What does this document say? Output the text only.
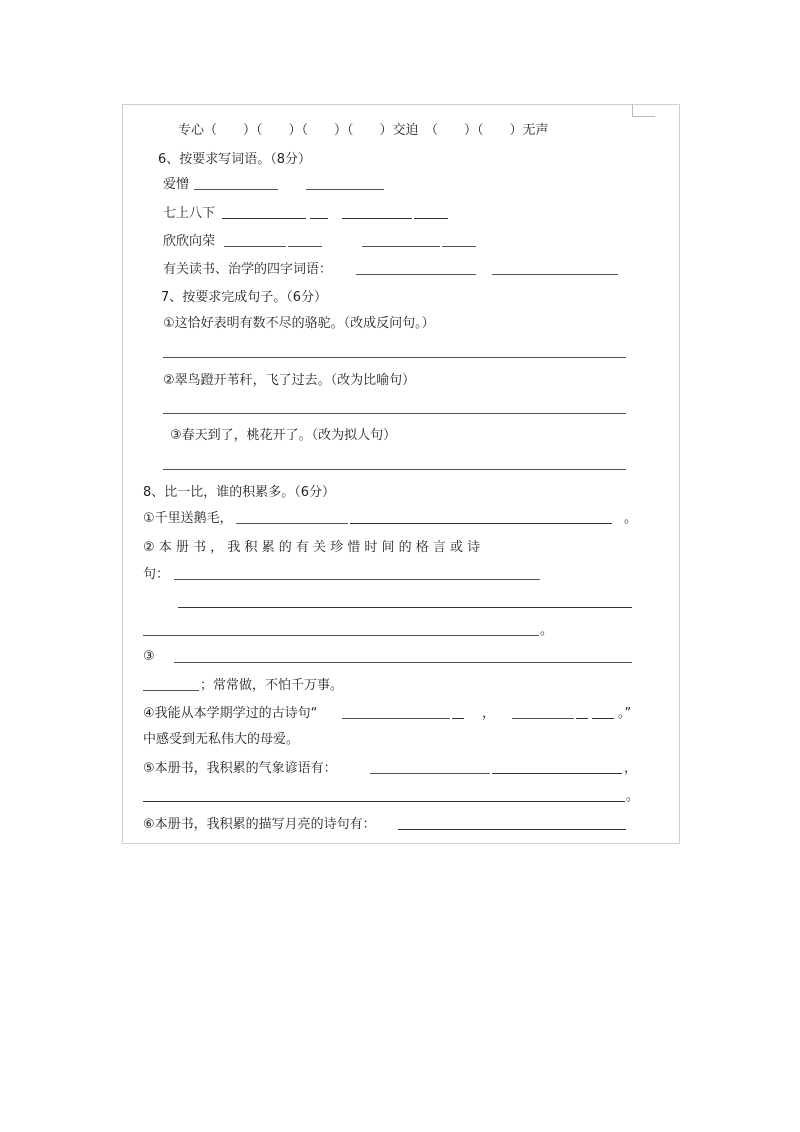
专心（　　）（　　）（　　）（　　）交迫　（　　）（　　）无声
6、按要求写词语。（8分）
爱憎
七上八下
欣欣向荣
有关读书、治学的四字词语：
7、按要求完成句子。（6分）
①这恰好表明有数不尽的骆驼。（改成反问句。）
②翠鸟蹬开苇秆，飞了过去。（改为比喻句）
③春天到了，桃花开了。（改为拟人句）
8、比一比，谁的积累多。（6分）
①千里送鹅毛，	。
② 本 册 书 ， 我 积 累 的 有 关 珍 惜 时 间 的 格 言 或 诗
句：
。
③
；常常做，不怕千万事。
④我能从本学期学过的古诗句“	，	。”
中感受到无私伟大的母爱。
⑤本册书，我积累的气象谚语有：	，
。
⑥本册书，我积累的描写月亮的诗句有：
